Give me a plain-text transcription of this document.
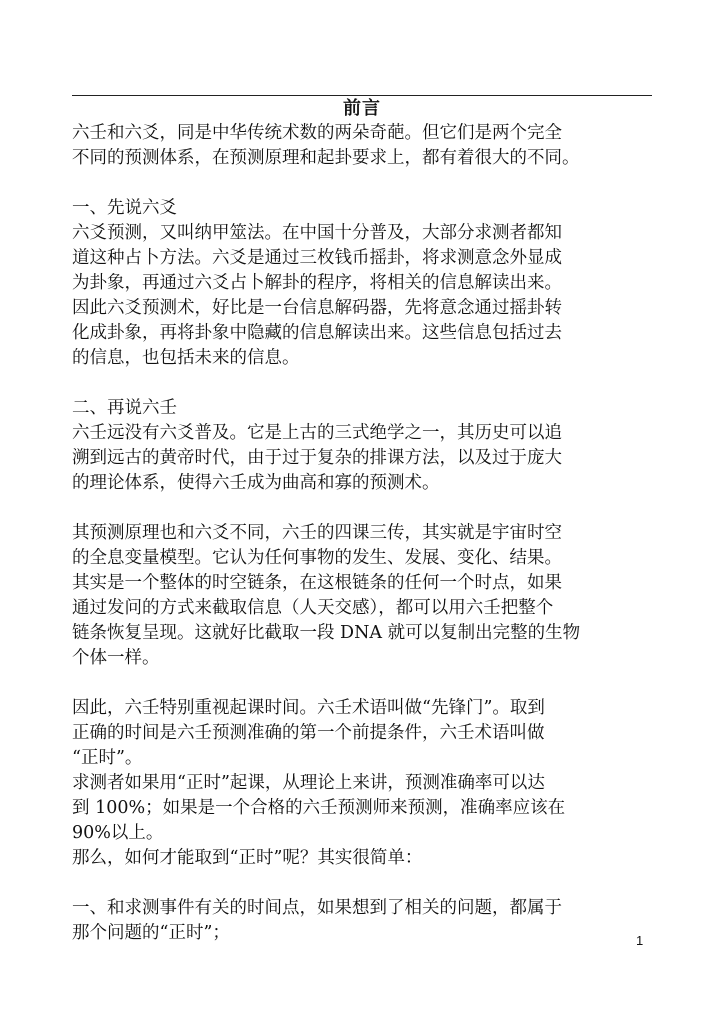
前言
六壬和六爻，同是中华传统术数的两朵奇葩。但它们是两个完全
不同的预测体系，在预测原理和起卦要求上，都有着很大的不同。
一、先说六爻
六爻预测，又叫纳甲筮法。在中国十分普及，大部分求测者都知
道这种占卜方法。六爻是通过三枚钱币摇卦，将求测意念外显成
为卦象，再通过六爻占卜解卦的程序，将相关的信息解读出来。
因此六爻预测术，好比是一台信息解码器，先将意念通过摇卦转
化成卦象，再将卦象中隐藏的信息解读出来。这些信息包括过去
的信息，也包括未来的信息。
二、再说六壬
六壬远没有六爻普及。它是上古的三式绝学之一，其历史可以追
溯到远古的黄帝时代，由于过于复杂的排课方法，以及过于庞大
的理论体系，使得六壬成为曲高和寡的预测术。
其预测原理也和六爻不同，六壬的四课三传，其实就是宇宙时空
的全息变量模型。它认为任何事物的发生、发展、变化、结果。
其实是一个整体的时空链条，在这根链条的任何一个时点，如果
通过发问的方式来截取信息（人天交感），都可以用六壬把整个
链条恢复呈现。这就好比截取一段 DNA 就可以复制出完整的生物
个体一样。
因此，六壬特别重视起课时间。六壬术语叫做“先锋门”。取到
正确的时间是六壬预测准确的第一个前提条件，六壬术语叫做
“正时”。
求测者如果用“正时”起课，从理论上来讲，预测准确率可以达
到 100%；如果是一个合格的六壬预测师来预测，准确率应该在
90%以上。
那么，如何才能取到“正时”呢？其实很简单：
一、和求测事件有关的时间点，如果想到了相关的问题，都属于
那个问题的“正时”；	1
